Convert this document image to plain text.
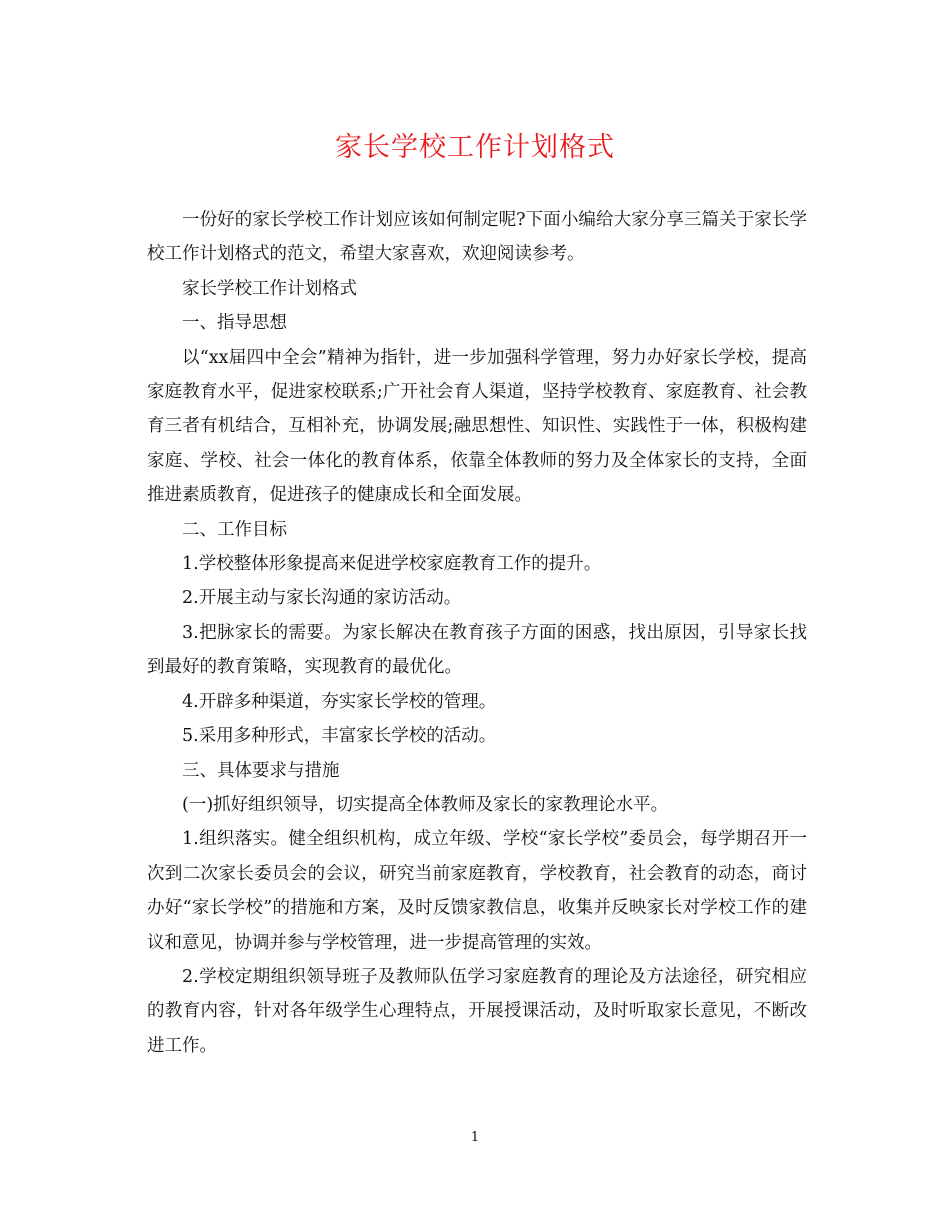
家长学校工作计划格式

一份好的家长学校工作计划应该如何制定呢?下面小编给大家分享三篇关于家长学校工作计划格式的范文，希望大家喜欢，欢迎阅读参考。

家长学校工作计划格式

一、指导思想

以“xx届四中全会”精神为指针，进一步加强科学管理，努力办好家长学校，提高家庭教育水平，促进家校联系;广开社会育人渠道，坚持学校教育、家庭教育、社会教育三者有机结合，互相补充，协调发展;融思想性、知识性、实践性于一体，积极构建家庭、学校、社会一体化的教育体系，依靠全体教师的努力及全体家长的支持，全面推进素质教育，促进孩子的健康成长和全面发展。

二、工作目标

1.学校整体形象提高来促进学校家庭教育工作的提升。

2.开展主动与家长沟通的家访活动。

3.把脉家长的需要。为家长解决在教育孩子方面的困惑，找出原因，引导家长找到最好的教育策略，实现教育的最优化。

4.开辟多种渠道，夯实家长学校的管理。

5.采用多种形式，丰富家长学校的活动。

三、具体要求与措施

(一)抓好组织领导，切实提高全体教师及家长的家教理论水平。

1.组织落实。健全组织机构，成立年级、学校“家长学校”委员会，每学期召开一次到二次家长委员会的会议，研究当前家庭教育，学校教育，社会教育的动态，商讨办好“家长学校”的措施和方案，及时反馈家教信息，收集并反映家长对学校工作的建议和意见，协调并参与学校管理，进一步提高管理的实效。

2.学校定期组织领导班子及教师队伍学习家庭教育的理论及方法途径，研究相应的教育内容，针对各年级学生心理特点，开展授课活动，及时听取家长意见，不断改进工作。

1
